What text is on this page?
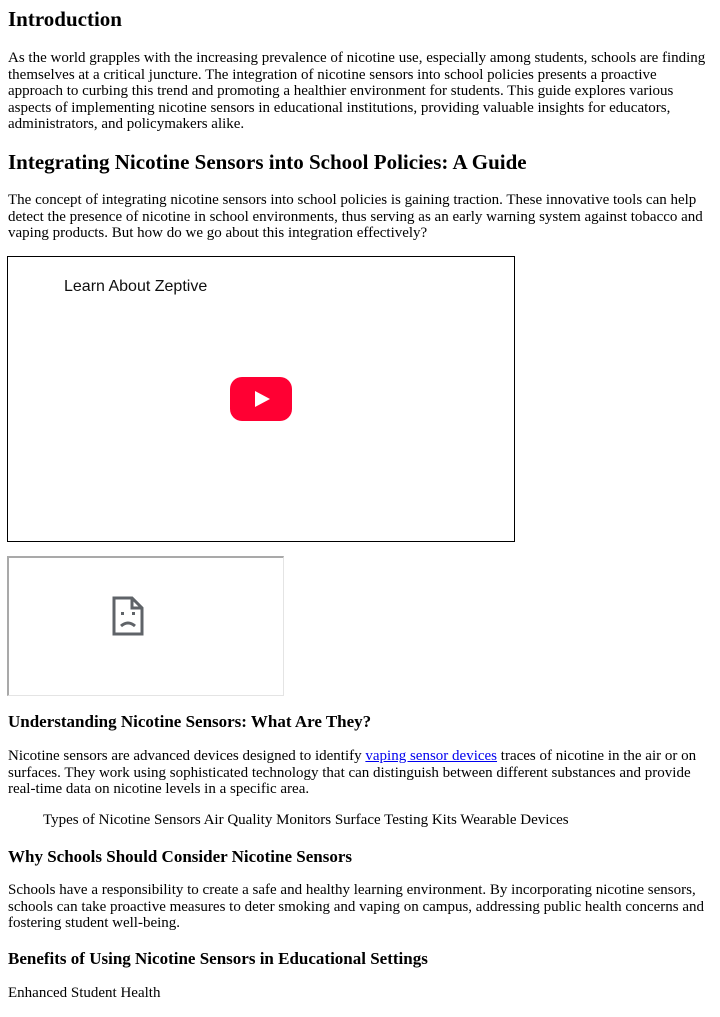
Introduction

As the world grapples with the increasing prevalence of nicotine use, especially among students, schools are finding themselves at a critical juncture. The integration of nicotine sensors into school policies presents a proactive approach to curbing this trend and promoting a healthier environment for students. This guide explores various aspects of implementing nicotine sensors in educational institutions, providing valuable insights for educators, administrators, and policymakers alike.

Integrating Nicotine Sensors into School Policies: A Guide

The concept of integrating nicotine sensors into school policies is gaining traction. These innovative tools can help detect the presence of nicotine in school environments, thus serving as an early warning system against tobacco and vaping products. But how do we go about this integration effectively?

Learn About Zeptive
Understanding Nicotine Sensors: What Are They?

Nicotine sensors are advanced devices designed to identify vaping sensor devices traces of nicotine in the air or on surfaces. They work using sophisticated technology that can distinguish between different substances and provide real-time data on nicotine levels in a specific area.

Types of Nicotine Sensors Air Quality Monitors Surface Testing Kits Wearable Devices

Why Schools Should Consider Nicotine Sensors

Schools have a responsibility to create a safe and healthy learning environment. By incorporating nicotine sensors, schools can take proactive measures to deter smoking and vaping on campus, addressing public health concerns and fostering student well-being.

Benefits of Using Nicotine Sensors in Educational Settings

Enhanced Student Health
